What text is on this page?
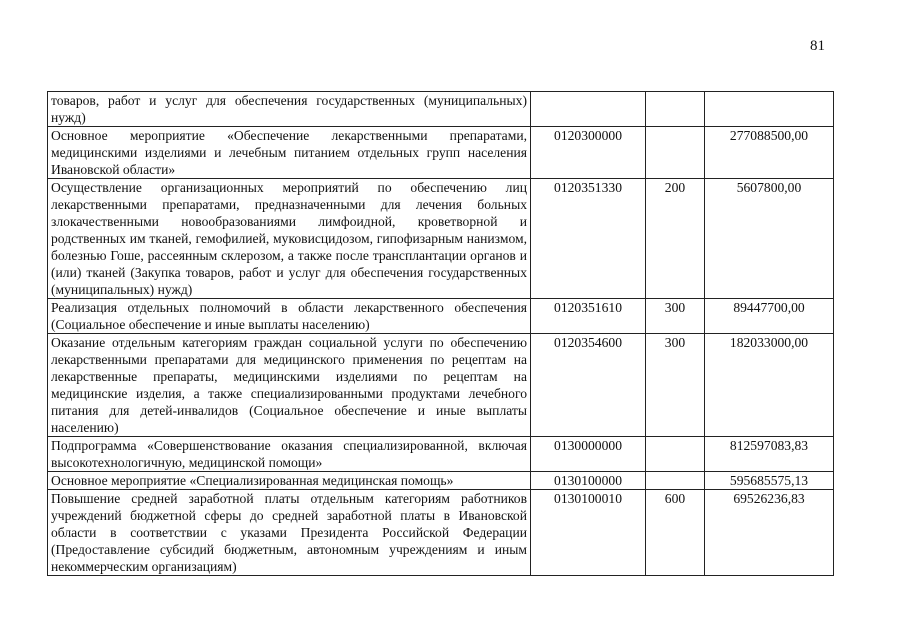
81
товаров, работ и услуг для обеспечения государственных (муниципальных) нужд)			
Основное мероприятие «Обеспечение лекарственными препаратами, медицинскими изделиями и лечебным питанием отдельных групп населения Ивановской области»	0120300000		277088500,00
Осуществление организационных мероприятий по обеспечению лиц лекарственными препаратами, предназначенными для лечения больных злокачественными новообразованиями лимфоидной, кроветворной и родственных им тканей, гемофилией, муковисцидозом, гипофизарным нанизмом, болезнью Гоше, рассеянным склерозом, а также после трансплантации органов и (или) тканей (Закупка товаров, работ и услуг для обеспечения государственных (муниципальных) нужд)	0120351330	200	5607800,00
Реализация отдельных полномочий в области лекарственного обеспечения (Социальное обеспечение и иные выплаты населению)	0120351610	300	89447700,00
Оказание отдельным категориям граждан социальной услуги по обеспечению лекарственными препаратами для медицинского применения по рецептам на лекарственные препараты, медицинскими изделиями по рецептам на медицинские изделия, а также специализированными продуктами лечебного питания для детей-инвалидов (Социальное обеспечение и иные выплаты населению)	0120354600	300	182033000,00
Подпрограмма «Совершенствование оказания специализированной, включая высокотехнологичную, медицинской помощи»	0130000000		812597083,83
Основное мероприятие «Специализированная медицинская помощь»	0130100000		595685575,13
Повышение средней заработной платы отдельным категориям работников учреждений бюджетной сферы до средней заработной платы в Ивановской области в соответствии с указами Президента Российской Федерации (Предоставление субсидий бюджетным, автономным учреждениям и иным некоммерческим организациям)	0130100010	600	69526236,83
